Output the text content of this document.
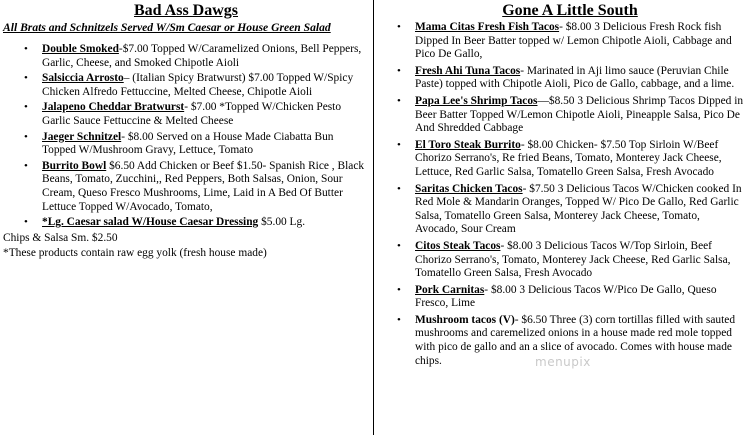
Bad Ass Dawgs
All Brats and Schnitzels Served W/Sm Caesar or House Green Salad
• Double Smoked-$7.00 Topped W/Caramelized Onions, Bell Peppers, Garlic, Cheese, and Smoked Chipotle Aioli
• Salsiccia Arrosto– (Italian Spicy Bratwurst) $7.00 Topped W/Spicy Chicken Alfredo Fettuccine, Melted Cheese, Chipotle Aioli
• Jalapeno Cheddar Bratwurst- $7.00 *Topped W/Chicken Pesto Garlic Sauce Fettuccine & Melted Cheese
• Jaeger Schnitzel- $8.00 Served on a House Made Ciabatta Bun Topped W/Mushroom Gravy, Lettuce, Tomato
• Burrito Bowl $6.50 Add Chicken or Beef $1.50- Spanish Rice , Black Beans, Tomato, Zucchini,, Red Peppers, Both Salsas, Onion, Sour Cream, Queso Fresco Mushrooms, Lime, Laid in A Bed Of Butter Lettuce Topped W/Avocado, Tomato,
• *Lg. Caesar salad W/House Caesar Dressing $5.00 Lg.
Chips & Salsa Sm. $2.50
*These products contain raw egg yolk (fresh house made)
Gone A Little South
• Mama Citas Fresh Fish Tacos- $8.00 3 Delicious Fresh Rock fish Dipped In Beer Batter topped w/ Lemon Chipotle Aioli, Cabbage and Pico De Gallo,
• Fresh Ahi Tuna Tacos- Marinated in Aji limo sauce (Peruvian Chile Paste) topped with Chipotle Aioli, Pico de Gallo, cabbage, and a lime.
• Papa Lee's Shrimp Tacos—$8.50 3 Delicious Shrimp Tacos Dipped in Beer Batter Topped W/Lemon Chipotle Aioli, Pineapple Salsa, Pico De And Shredded Cabbage
• El Toro Steak Burrito- $8.00 Chicken- $7.50 Top Sirloin W/Beef Chorizo Serrano's, Re fried Beans, Tomato, Monterey Jack Cheese, Lettuce, Red Garlic Salsa, Tomatello Green Salsa, Fresh Avocado
• Saritas Chicken Tacos- $7.50 3 Delicious Tacos W/Chicken cooked In Red Mole & Mandarin Oranges, Topped W/ Pico De Gallo, Red Garlic Salsa, Tomatello Green Salsa, Monterey Jack Cheese, Tomato, Avocado, Sour Cream
• Citos Steak Tacos- $8.00 3 Delicious Tacos W/Top Sirloin, Beef Chorizo Serrano's, Tomato, Monterey Jack Cheese, Red Garlic Salsa, Tomatello Green Salsa, Fresh Avocado
• Pork Carnitas- $8.00 3 Delicious Tacos W/Pico De Gallo, Queso Fresco, Lime
• Mushroom tacos (V)- $6.50 Three (3) corn tortillas filled with sauted mushrooms and caremelized onions in a house made red mole topped with pico de gallo and an a slice of avocado. Comes with house made chips.	menupix
